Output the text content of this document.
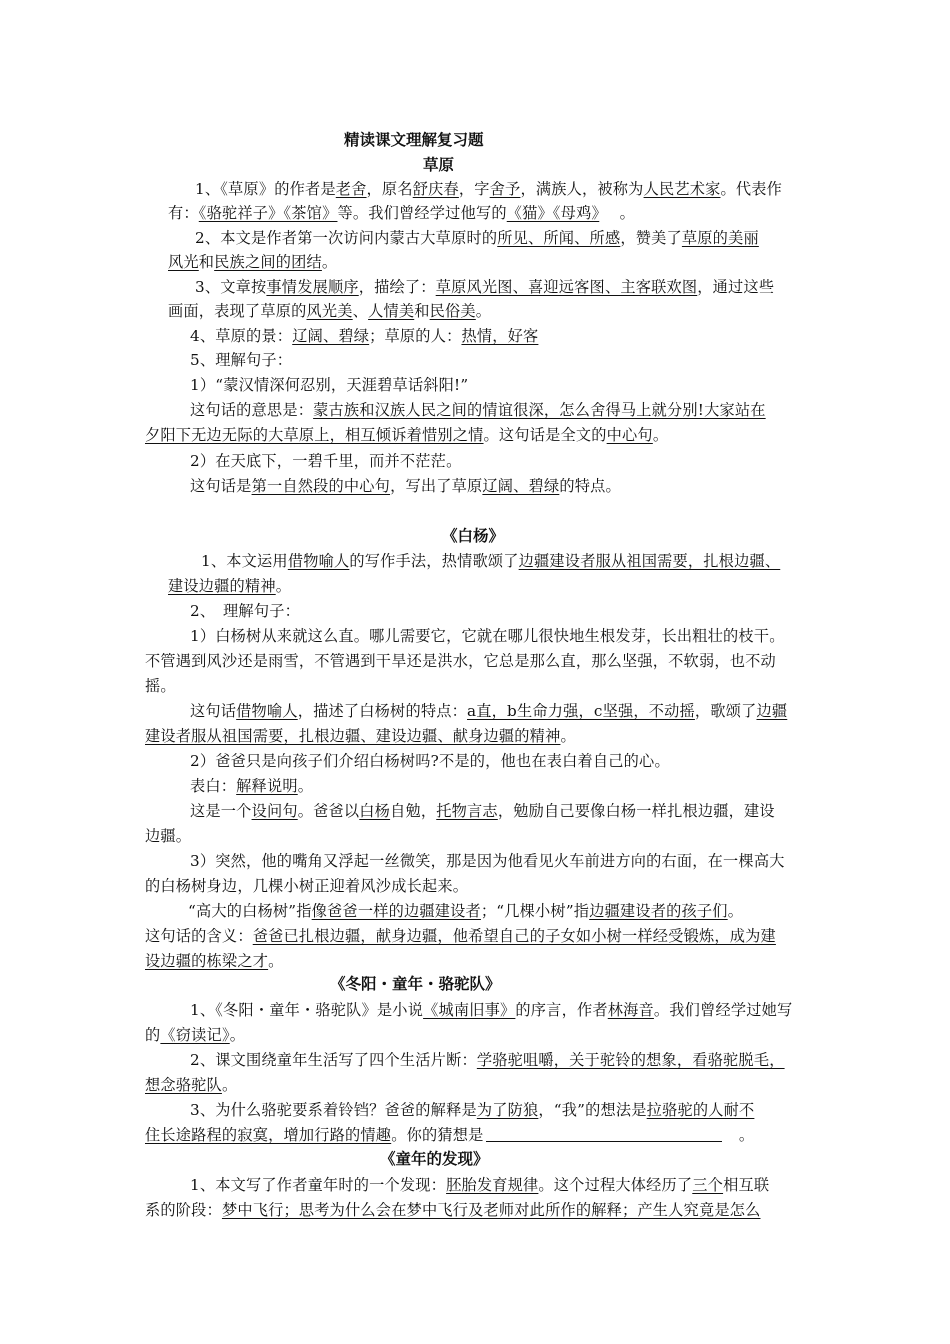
精读课文理解复习题
草原
1、《草原》的作者是老舍，原名舒庆春，字舍予，满族人，被称为人民艺术家。代表作
有：《骆驼祥子》《茶馆》等。我们曾经学过他写的《猫》《母鸡》　 。
2、本文是作者第一次访问内蒙古大草原时的所见、所闻、所感，赞美了草原的美丽
风光和民族之间的团结。
3、文章按事情发展顺序，描绘了：草原风光图、喜迎远客图、主客联欢图，通过这些
画面，表现了草原的风光美、人情美和民俗美。
4、草原的景：辽阔、碧绿；草原的人：热情，好客
5、理解句子：
1）“蒙汉情深何忍别，天涯碧草话斜阳!”
这句话的意思是：蒙古族和汉族人民之间的情谊很深，怎么舍得马上就分别!大家站在
夕阳下无边无际的大草原上，相互倾诉着惜别之情。这句话是全文的中心句。
2）在天底下，一碧千里，而并不茫茫。
这句话是第一自然段的中心句，写出了草原辽阔、碧绿的特点。
《白杨》
1、本文运用借物喻人的写作手法，热情歌颂了边疆建设者服从祖国需要，扎根边疆、
建设边疆的精神。
2、　理解句子：
1）白杨树从来就这么直。哪儿需要它，它就在哪儿很快地生根发芽，长出粗壮的枝干。
不管遇到风沙还是雨雪，不管遇到干旱还是洪水，它总是那么直，那么坚强，不软弱，也不动
摇。
这句话借物喻人，描述了白杨树的特点：a直，b生命力强，c坚强，不动摇，歌颂了边疆
建设者服从祖国需要，扎根边疆、建设边疆、献身边疆的精神。
2）爸爸只是向孩子们介绍白杨树吗?不是的，他也在表白着自己的心。
表白：解释说明。
这是一个设问句。爸爸以白杨自勉，托物言志，勉励自己要像白杨一样扎根边疆，建设
边疆。
3）突然，他的嘴角又浮起一丝微笑，那是因为他看见火车前进方向的右面，在一棵高大
的白杨树身边，几棵小树正迎着风沙成长起来。
“高大的白杨树”指像爸爸一样的边疆建设者；“几棵小树”指边疆建设者的孩子们。
这句话的含义：爸爸已扎根边疆，献身边疆，他希望自己的子女如小树一样经受锻炼，成为建
设边疆的栋梁之才。
《冬阳・童年・骆驼队》
1、《冬阳・童年・骆驼队》是小说《城南旧事》的序言，作者林海音。我们曾经学过她写
的《窃读记》。
2、课文围绕童年生活写了四个生活片断：学骆驼咀嚼，关于驼铃的想象，看骆驼脱毛，
想念骆驼队。
3、为什么骆驼要系着铃铛？爸爸的解释是为了防狼，“我”的想法是拉骆驼的人耐不
住长途路程的寂寞，增加行路的情趣。你的猜想是	　。
《童年的发现》
1、本文写了作者童年时的一个发现：胚胎发育规律。这个过程大体经历了三个相互联
系的阶段：梦中飞行；思考为什么会在梦中飞行及老师对此所作的解释；产生人究竟是怎么
